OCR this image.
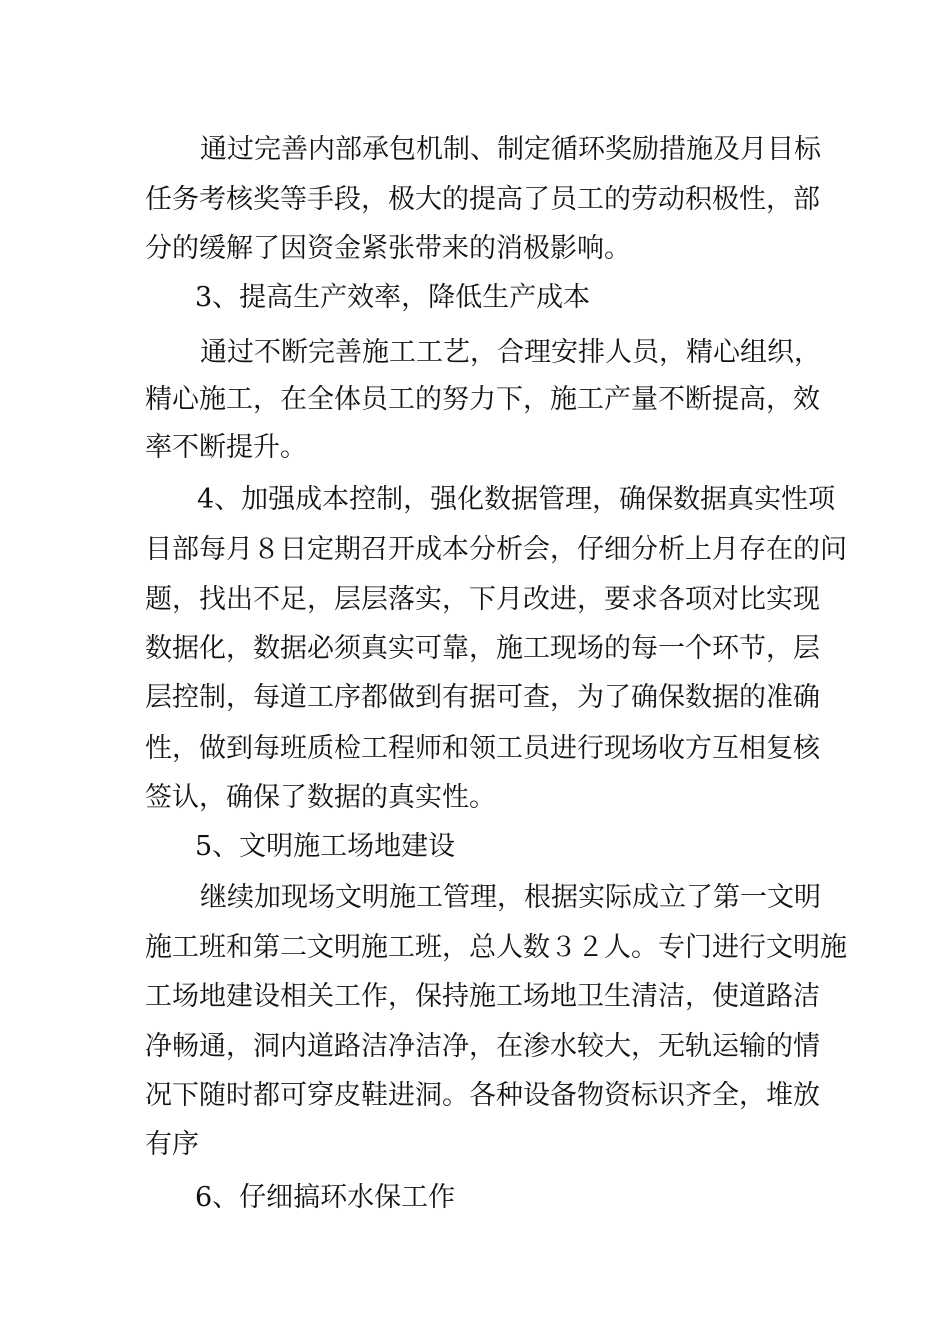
通过完善内部承包机制、制定循环奖励措施及月目标

任务考核奖等手段，极大的提高了员工的劳动积极性，部

分的缓解了因资金紧张带来的消极影响。

3、提高生产效率，降低生产成本

通过不断完善施工工艺，合理安排人员，精心组织，

精心施工，在全体员工的努力下，施工产量不断提高，效

率不断提升。

4、加强成本控制，强化数据管理，确保数据真实性项

目部每月８日定期召开成本分析会，仔细分析上月存在的问

题，找出不足，层层落实，下月改进，要求各项对比实现

数据化，数据必须真实可靠，施工现场的每一个环节，层

层控制，每道工序都做到有据可查，为了确保数据的准确

性，做到每班质检工程师和领工员进行现场收方互相复核

签认，确保了数据的真实性。

5、文明施工场地建设

继续加现场文明施工管理，根据实际成立了第一文明

施工班和第二文明施工班，总人数３２人。专门进行文明施

工场地建设相关工作，保持施工场地卫生清洁，使道路洁

净畅通，洞内道路洁净洁净，在渗水较大，无轨运输的情

况下随时都可穿皮鞋进洞。各种设备物资标识齐全，堆放

有序

6、仔细搞环水保工作
